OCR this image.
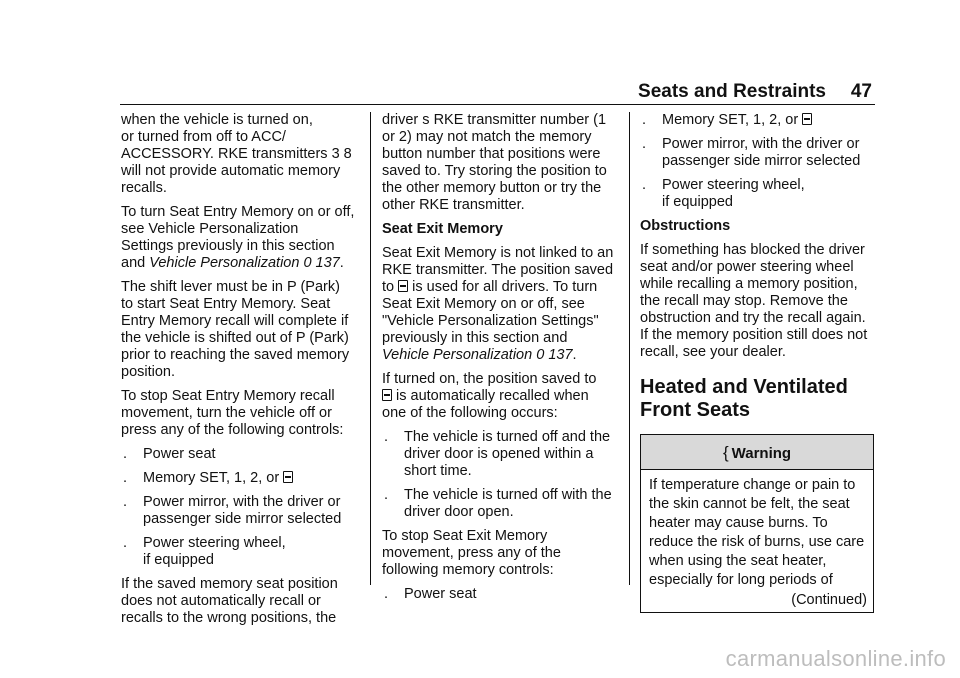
Seats and Restraints 47

when the vehicle is turned on,
or turned from off to ACC/
ACCESSORY. RKE transmitters 3 8
will not provide automatic memory
recalls.

To turn Seat Entry Memory on or off,
see Vehicle Personalization
Settings previously in this section
and Vehicle Personalization 0 137.

The shift lever must be in P (Park)
to start Seat Entry Memory. Seat
Entry Memory recall will complete if
the vehicle is shifted out of P (Park)
prior to reaching the saved memory
position.

To stop Seat Entry Memory recall
movement, turn the vehicle off or
press any of the following controls:

. Power seat
. Memory SET, 1, 2, or
. Power mirror, with the driver or
passenger side mirror selected
. Power steering wheel,
if equipped

If the saved memory seat position
does not automatically recall or
recalls to the wrong positions, the

driver s RKE transmitter number (1
or 2) may not match the memory
button number that positions were
saved to. Try storing the position to
the other memory button or try the
other RKE transmitter.

Seat Exit Memory

Seat Exit Memory is not linked to an
RKE transmitter. The position saved
to  is used for all drivers. To turn
Seat Exit Memory on or off, see
"Vehicle Personalization Settings"
previously in this section and
Vehicle Personalization 0 137.

If turned on, the position saved to
is automatically recalled when
one of the following occurs:

. The vehicle is turned off and the
driver door is opened within a
short time.
. The vehicle is turned off with the
driver door open.

To stop Seat Exit Memory
movement, press any of the
following memory controls:

. Power seat
. Memory SET, 1, 2, or
. Power mirror, with the driver or
passenger side mirror selected
. Power steering wheel,
if equipped
Obstructions

If something has blocked the driver
seat and/or power steering wheel
while recalling a memory position,
the recall may stop. Remove the
obstruction and try the recall again.
If the memory position still does not
recall, see your dealer.

Heated and Ventilated
Front Seats
{ Warning
If temperature change or pain to
the skin cannot be felt, the seat
heater may cause burns. To
reduce the risk of burns, use care
when using the seat heater,
especially for long periods of
(Continued)
carmanualsonline.info
